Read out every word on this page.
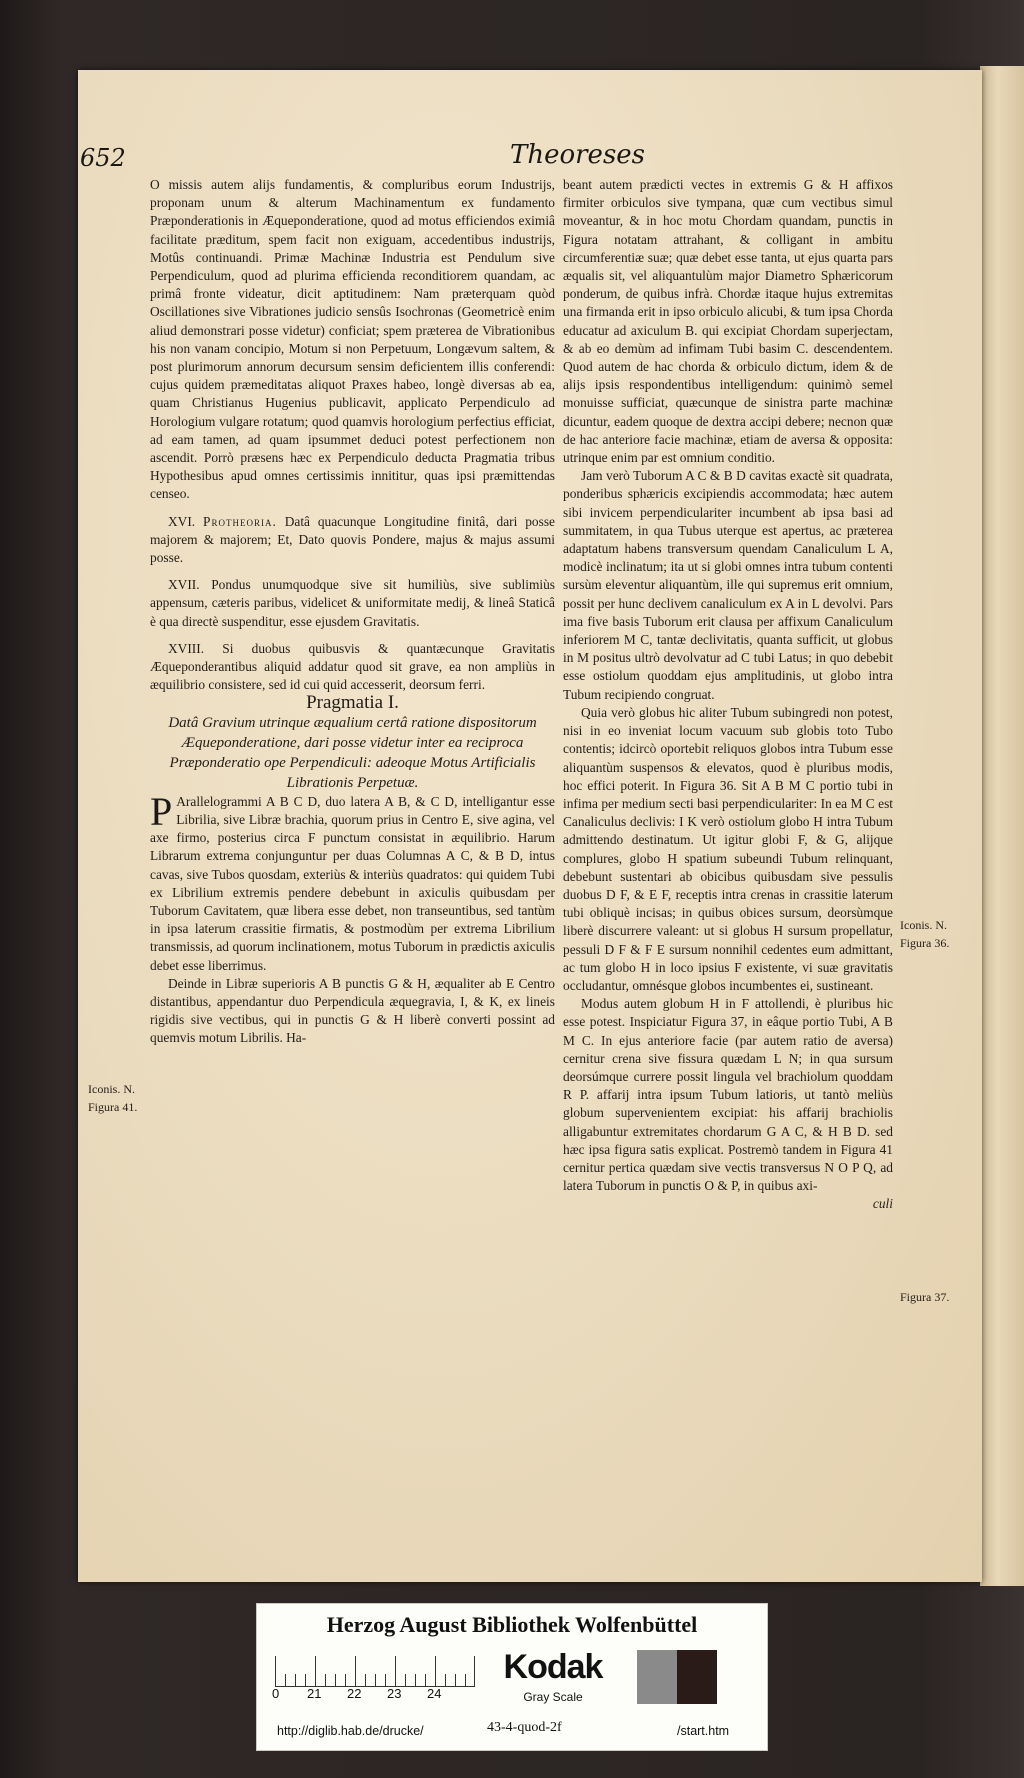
652	Theoreses

O missis autem alijs fundamentis, & compluribus eorum Industrijs, proponam unum & alterum Machinamentum ex fundamento Præponderationis in Æqueponderatione, quod ad motus efficiendos eximiâ facilitate præditum, spem facit non exiguam, accedentibus industrijs, Motûs continuandi. Primæ Machinæ Industria est Pendulum sive Perpendiculum, quod ad plurima efficienda reconditiorem quandam, ac primâ fronte videatur, dicit aptitudinem: Nam præterquam quòd Oscillationes sive Vibrationes judicio sensûs Isochronas (Geometricè enim aliud demonstrari posse videtur) conficiat; spem præterea de Vibrationibus his non vanam concipio, Motum si non Perpetuum, Longævum saltem, & post plurimorum annorum decursum sensim deficientem illis conferendi: cujus quidem præmeditatas aliquot Praxes habeo, longè diversas ab ea, quam Christianus Hugenius publicavit, applicato Perpendiculo ad Horologium vulgare rotatum; quod quamvis horologium perfectius efficiat, ad eam tamen, ad quam ipsummet deduci potest perfectionem non ascendit. Porrò præsens hæc ex Perpendiculo deducta Pragmatia tribus Hypothesibus apud omnes certissimis innititur, quas ipsi præmittendas censeo.

XVI. Protheoria. Datâ quacunque Longitudine finitâ, dari posse majorem & majorem; Et, Dato quovis Pondere, majus & majus assumi posse.

XVII. Pondus unumquodque sive sit humiliùs, sive sublimiùs appensum, cæteris paribus, videlicet & uniformitate medij, & lineâ Staticâ è qua directè suspenditur, esse ejusdem Gravitatis.

XVIII. Si duobus quibusvis & quantæcunque Gravitatis Æqueponderantibus aliquid addatur quod sit grave, ea non ampliùs in æquilibrio consistere, sed id cui quid accesserit, deorsum ferri.

Pragmatia I.

Datâ Gravium utrinque æqualium certâ ratione dispositorum Æqueponderatione, dari posse videtur inter ea reciproca Præponderatio ope Perpendiculi: adeoque Motus Artificialis Librationis Perpetuæ.

P Arallelogrammi A B C D, duo latera A B, & C D, intelligantur esse Librilia, sive Libræ brachia, quorum prius in Centro E, sive agina, vel axe firmo, posterius circa F punctum consistat in æquilibrio. Harum Librarum extrema conjunguntur per duas Columnas A C, & B D, intus cavas, sive Tubos quosdam, exteriùs & interiùs quadratos: qui quidem Tubi ex Librilium extremis pendere debebunt in axiculis quibusdam per Tuborum Cavitatem, quæ libera esse debet, non transeuntibus, sed tantùm in ipsa laterum crassitie firmatis, & postmodùm per extrema Librilium transmissis, ad quorum inclinationem, motus Tuborum in prædictis axiculis debet esse liberrimus.

Deinde in Libræ superioris A B punctis G & H, æqualiter ab E Centro distantibus, appendantur duo Perpendicula æquegravia, I, & K, ex lineis rigidis sive vectibus, qui in punctis G & H liberè converti possint ad quemvis motum Librilis. Ha-

Iconis. N.
Figura 41.

beant autem prædicti vectes in extremis G & H affixos firmiter orbiculos sive tympana, quæ cum vectibus simul moveantur, & in hoc motu Chordam quandam, punctis in Figura notatam attrahant, & colligant in ambitu circumferentiæ suæ; quæ debet esse tanta, ut ejus quarta pars æqualis sit, vel aliquantulùm major Diametro Sphæricorum ponderum, de quibus infrà. Chordæ itaque hujus extremitas una firmanda erit in ipso orbiculo alicubi, & tum ipsa Chorda educatur ad axiculum B. qui excipiat Chordam superjectam, & ab eo demùm ad infimam Tubi basim C. descendentem. Quod autem de hac chorda & orbiculo dictum, idem & de alijs ipsis respondentibus intelligendum: quinimò semel monuisse sufficiat, quæcunque de sinistra parte machinæ dicuntur, eadem quoque de dextra accipi debere; necnon quæ de hac anteriore facie machinæ, etiam de aversa & opposita: utrinque enim par est omnium conditio.

Jam verò Tuborum A C & B D cavitas exactè sit quadrata, ponderibus sphæricis excipiendis accommodata; hæc autem sibi invicem perpendiculariter incumbent ab ipsa basi ad summitatem, in qua Tubus uterque est apertus, ac præterea adaptatum habens transversum quendam Canaliculum L A, modicè inclinatum; ita ut si globi omnes intra tubum contenti sursùm eleventur aliquantùm, ille qui supremus erit omnium, possit per hunc declivem canaliculum ex A in L devolvi. Pars ima five basis Tuborum erit clausa per affixum Canaliculum inferiorem M C, tantæ declivitatis, quanta sufficit, ut globus in M positus ultrò devolvatur ad C tubi Latus; in quo debebit esse ostiolum quoddam ejus amplitudinis, ut globo intra Tubum recipiendo congruat.

Quia verò globus hic aliter Tubum subingredi non potest, nisi in eo inveniat locum vacuum sub globis toto Tubo contentis; idcircò oportebit reliquos globos intra Tubum esse aliquantùm suspensos & elevatos, quod è pluribus modis, hoc effici poterit. In Figura 36. Sit A B M C portio tubi in infima per medium secti basi perpendiculariter: In ea M C est Canaliculus declivis: I K verò ostiolum globo H intra Tubum admittendo destinatum. Ut igitur globi F, & G, alijque complures, globo H spatium subeundi Tubum relinquant, debebunt sustentari ab obicibus quibusdam sive pessulis duobus D F, & E F, receptis intra crenas in crassitie laterum tubi obliquè incisas; in quibus obices sursum, deorsùmque liberè discurrere valeant: ut si globus H sursum propellatur, pessuli D F & F E sursum nonnihil cedentes eum admittant, ac tum globo H in loco ipsius F existente, vi suæ gravitatis occludantur, omnésque globos incumbentes ei, sustineant.

Modus autem globum H in F attollendi, è pluribus hic esse potest. Inspiciatur Figura 37, in eâque portio Tubi, A B M C. In ejus anteriore facie (par autem ratio de aversa) cernitur crena sive fissura quædam L N; in qua sursum deorsúmque currere possit lingula vel brachiolum quoddam R P. affarij intra ipsum Tubum latioris, ut tantò meliùs globum supervenientem excipiat: his affarij brachiolis alligabuntur extremitates chordarum G A C, & H B D. sed hæc ipsa figura satis explicat. Postremò tandem in Figura 41 cernitur pertica quædam sive vectis transversus N O P Q, ad latera Tuborum in punctis O & P, in quibus axi-

culi

Iconis. N.
Figura 36.
Figura 37.
Herzog August Bibliothek Wolfenbüttel
0 21 22 23 24
Kodak
Gray Scale
http://diglib.hab.de/drucke/	43-4-quod-2f	/start.htm
